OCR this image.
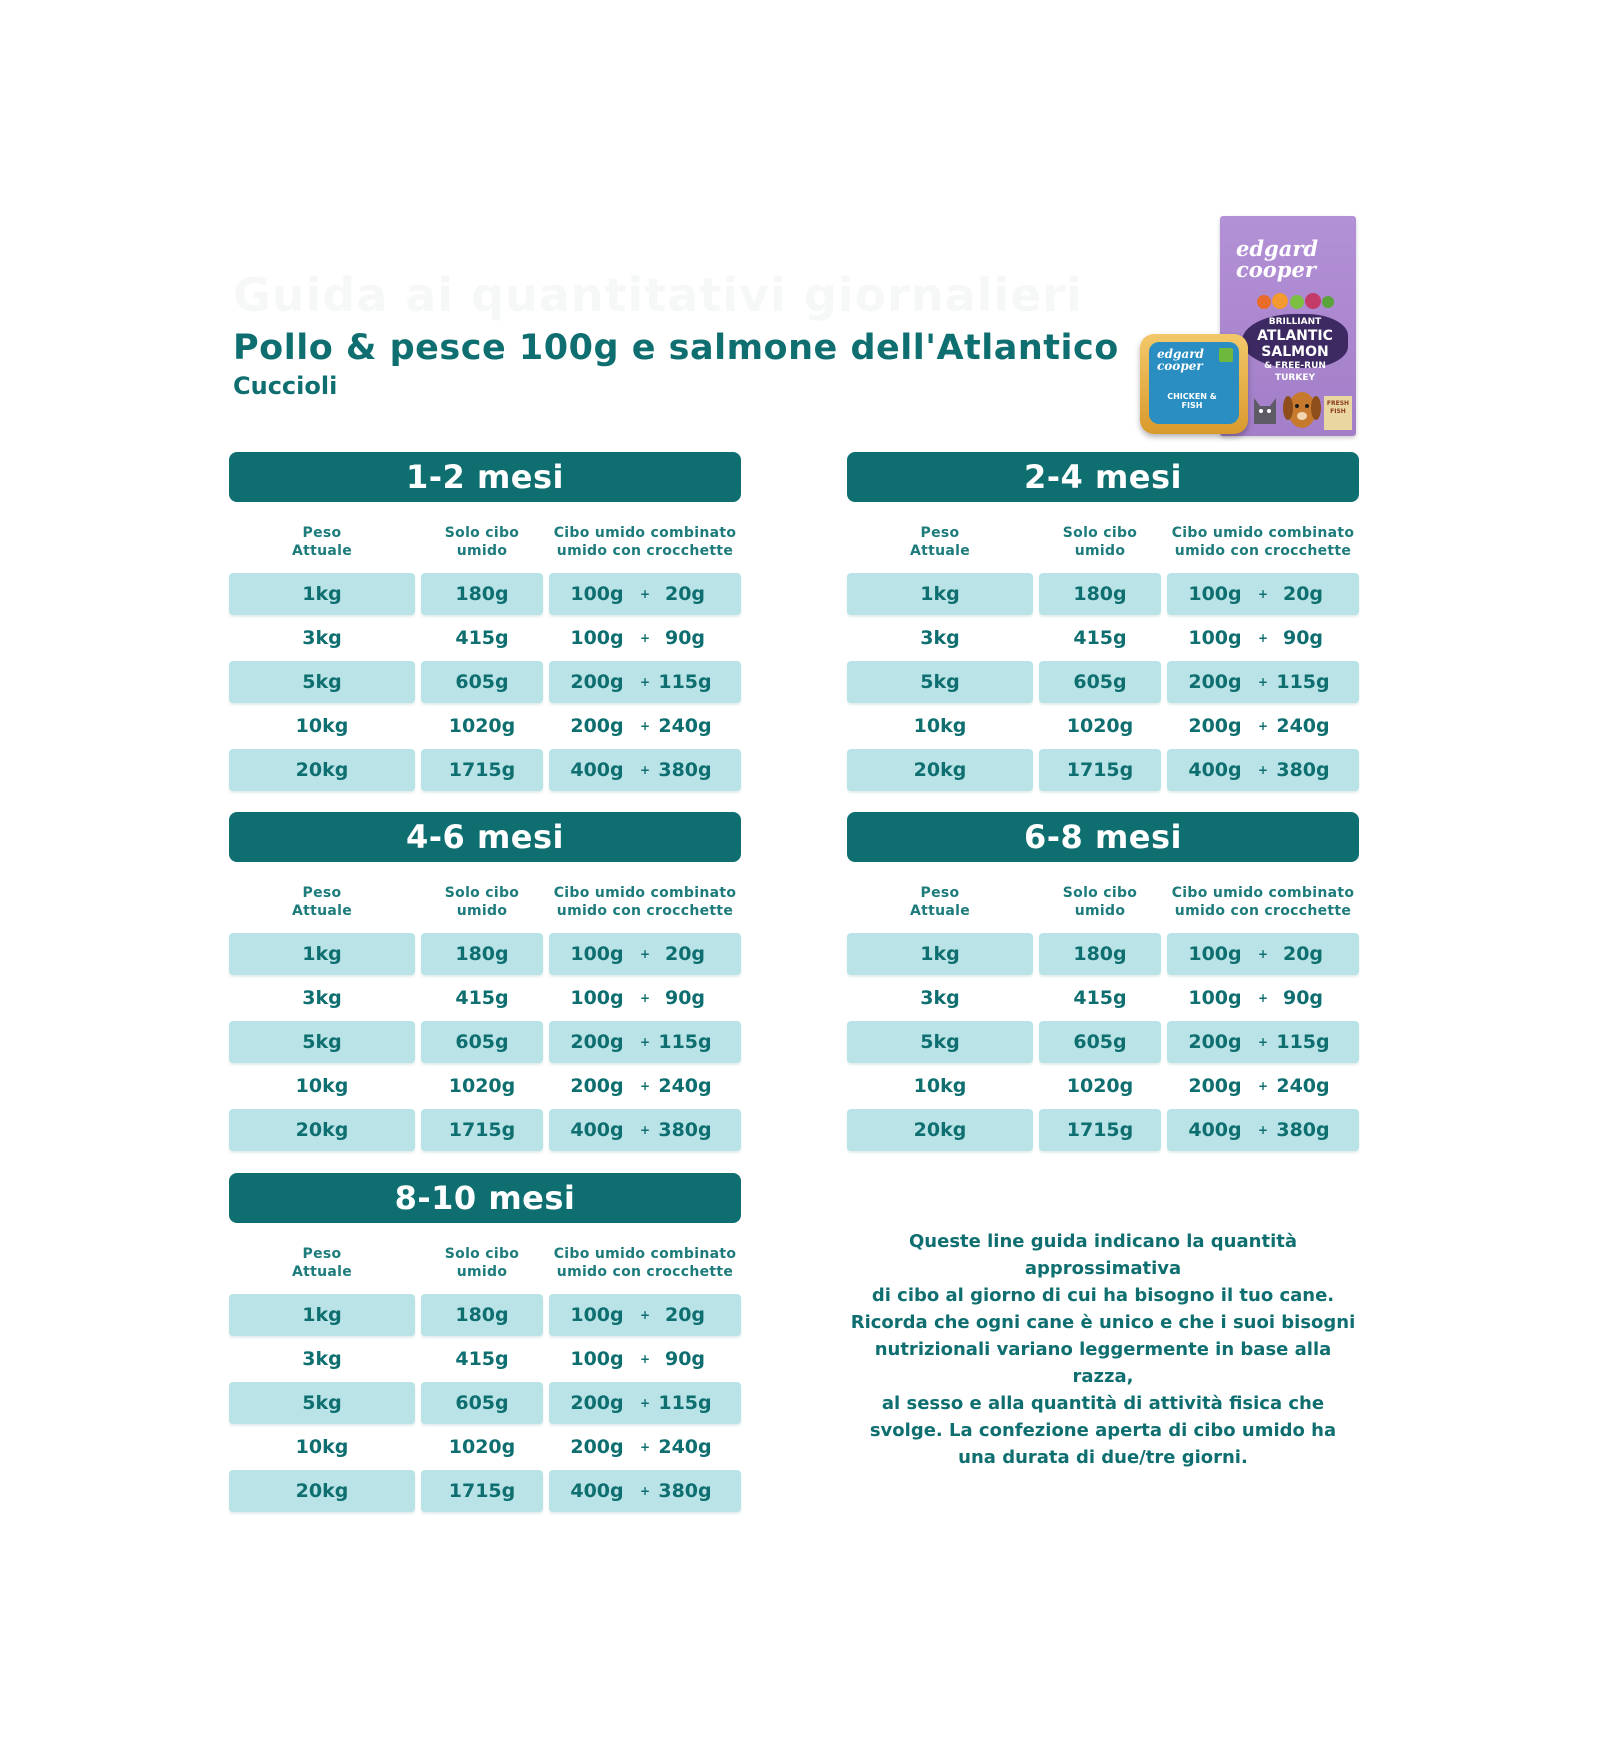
Guida ai quantitativi giornalieri
Pollo & pesce 100g e salmone dell'Atlantico
Cuccioli
edgard cooper
BRILLIANT
ATLANTIC SALMON
& FREE-RUN TURKEY
FRESH FISH
edgard cooper
CHICKEN & FISH
1-2 mesi
Peso
Attuale
Solo cibo
umido
Cibo umido combinato
umido con crocchette
1kg	180g	100g	+ 20g
3kg	415g	100g	+ 90g
5kg	605g	200g	+ 115g
10kg	1020g	200g	+ 240g
20kg	1715g	400g	+ 380g
2-4 mesi
Peso
Attuale
Solo cibo
umido
Cibo umido combinato
umido con crocchette
1kg	180g	100g	+ 20g
3kg	415g	100g	+ 90g
5kg	605g	200g	+ 115g
10kg	1020g	200g	+ 240g
20kg	1715g	400g	+ 380g
4-6 mesi
Peso
Attuale
Solo cibo
umido
Cibo umido combinato
umido con crocchette
1kg	180g	100g	+ 20g
3kg	415g	100g	+ 90g
5kg	605g	200g	+ 115g
10kg	1020g	200g	+ 240g
20kg	1715g	400g	+ 380g
6-8 mesi
Peso
Attuale
Solo cibo
umido
Cibo umido combinato
umido con crocchette
1kg	180g	100g	+ 20g
3kg	415g	100g	+ 90g
5kg	605g	200g	+ 115g
10kg	1020g	200g	+ 240g
20kg	1715g	400g	+ 380g
8-10 mesi
Peso
Attuale
Solo cibo
umido
Cibo umido combinato
umido con crocchette
1kg	180g	100g	+ 20g
3kg	415g	100g	+ 90g
5kg	605g	200g	+ 115g
10kg	1020g	200g	+ 240g
20kg	1715g	400g	+ 380g
Queste line guida indicano la quantità approssimativa
di cibo al giorno di cui ha bisogno il tuo cane.
Ricorda che ogni cane è unico e che i suoi bisogni
nutrizionali variano leggermente in base alla razza,
al sesso e alla quantità di attività fisica che
svolge. La confezione aperta di cibo umido ha
una durata di due/tre giorni.
